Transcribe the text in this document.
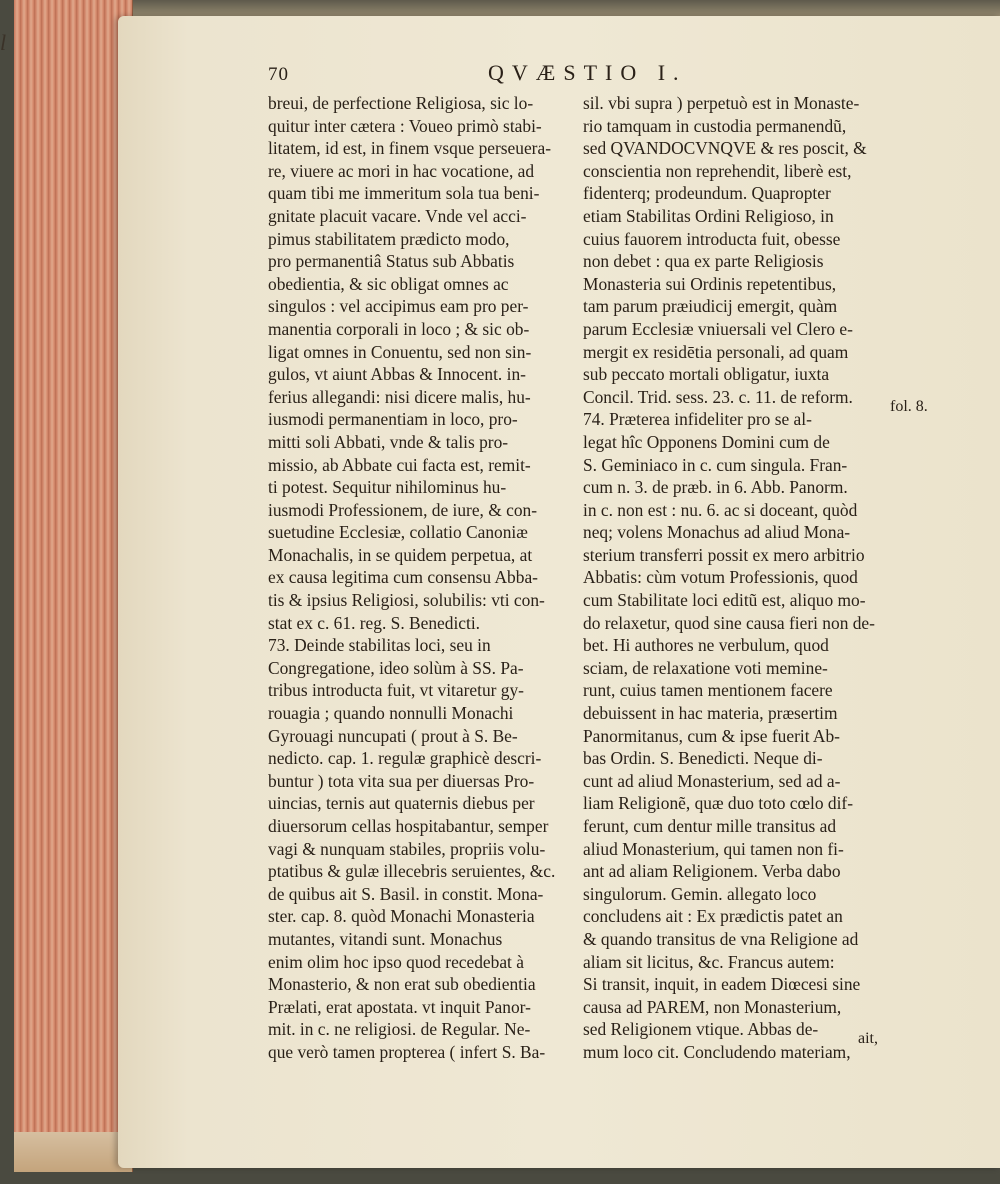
l
70	QVÆSTIO I.
breui, de perfectione Religiosa, sic lo-
quitur inter cætera : Voueo primò stabi-
litatem, id est, in finem vsque perseuera-
re, viuere ac mori in hac vocatione, ad
quam tibi me immeritum sola tua beni-
gnitate placuit vacare. Vnde vel acci-
pimus stabilitatem prædicto modo,
pro permanentiâ Status sub Abbatis
obedientia, & sic obligat omnes ac
singulos : vel accipimus eam pro per-
manentia corporali in loco ; & sic ob-
ligat omnes in Conuentu, sed non sin-
gulos, vt aiunt Abbas & Innocent. in-
ferius allegandi: nisi dicere malis, hu-
iusmodi permanentiam in loco, pro-
mitti soli Abbati, vnde & talis pro-
missio, ab Abbate cui facta est, remit-
ti potest. Sequitur nihilominus hu-
iusmodi Professionem, de iure, & con-
suetudine Ecclesiæ, collatio Canoniæ
Monachalis, in se quidem perpetua, at
ex causa legitima cum consensu Abba-
tis & ipsius Religiosi, solubilis: vti con-
stat ex c. 61. reg. S. Benedicti.
73. Deinde stabilitas loci, seu in
Congregatione, ideo solùm à SS. Pa-
tribus introducta fuit, vt vitaretur gy-
rouagia ; quando nonnulli Monachi
Gyrouagi nuncupati ( prout à S. Be-
nedicto. cap. 1. regulæ graphicè descri-
buntur ) tota vita sua per diuersas Pro-
uincias, ternis aut quaternis diebus per
diuersorum cellas hospitabantur, semper
vagi & nunquam stabiles, propriis volu-
ptatibus & gulæ illecebris seruientes, &c.
de quibus ait S. Basil. in constit. Mona-
ster. cap. 8. quòd Monachi Monasteria
mutantes, vitandi sunt. Monachus
enim olim hoc ipso quod recedebat à
Monasterio, & non erat sub obedientia
Prælati, erat apostata. vt inquit Panor-
mit. in c. ne religiosi. de Regular. Ne-
que verò tamen propterea ( infert S. Ba-
sil. vbi supra ) perpetuò est in Monaste-
rio tamquam in custodia permanendũ,
sed QVANDOCVNQVE & res poscit, &
conscientia non reprehendit, liberè est,
fidenterq; prodeundum. Quapropter
etiam Stabilitas Ordini Religioso, in
cuius fauorem introducta fuit, obesse
non debet : qua ex parte Religiosis
Monasteria sui Ordinis repetentibus,
tam parum præiudicij emergit, quàm
parum Ecclesiæ vniuersali vel Clero e-
mergit ex residētia personali, ad quam
sub peccato mortali obligatur, iuxta
Concil. Trid. sess. 23. c. 11. de reform.
74. Præterea infideliter pro se al-
legat hîc Opponens Domini cum de
S. Geminiaco in c. cum singula. Fran-
cum n. 3. de præb. in 6. Abb. Panorm.
in c. non est : nu. 6. ac si doceant, quòd
neq; volens Monachus ad aliud Mona-
sterium transferri possit ex mero arbitrio
Abbatis: cùm votum Professionis, quod
cum Stabilitate loci editũ est, aliquo mo-
do relaxetur, quod sine causa fieri non de-
bet. Hi authores ne verbulum, quod
sciam, de relaxatione voti memine-
runt, cuius tamen mentionem facere
debuissent in hac materia, præsertim
Panormitanus, cum & ipse fuerit Ab-
bas Ordin. S. Benedicti. Neque di-
cunt ad aliud Monasterium, sed ad a-
liam Religionẽ, quæ duo toto cœlo dif-
ferunt, cum dentur mille transitus ad
aliud Monasterium, qui tamen non fi-
ant ad aliam Religionem. Verba dabo
singulorum. Gemin. allegato loco
concludens ait : Ex prædictis patet an
& quando transitus de vna Religione ad
aliam sit licitus, &c. Francus autem:
Si transit, inquit, in eadem Diœcesi sine
causa ad PAREM, non Monasterium,
sed Religionem vtique. Abbas de-
mum loco cit. Concludendo materiam,
fol. 8.
ait,
